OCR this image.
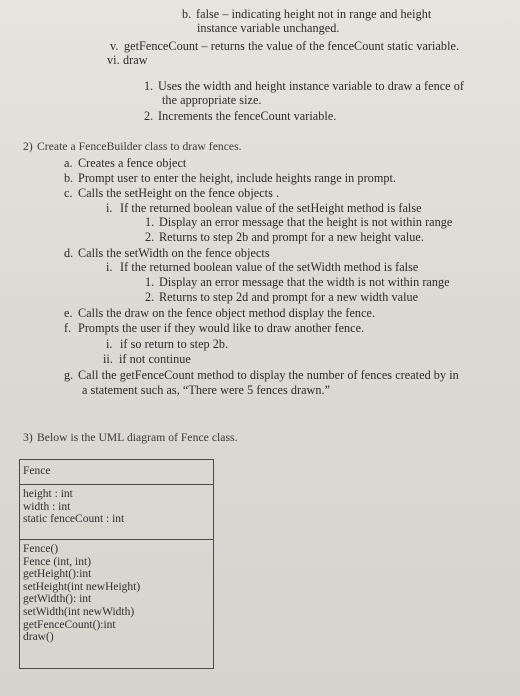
b. false – indicating height not in range and height
instance variable unchanged.
v. getFenceCount – returns the value of the fenceCount static variable.
vi. draw
1. Uses the width and height instance variable to draw a fence of
the appropriate size.
2. Increments the fenceCount variable.
2) Create a FenceBuilder class to draw fences.
a. Creates a fence object
b. Prompt user to enter the height, include heights range in prompt.
c. Calls the setHeight on the fence objects .
i. If the returned boolean value of the setHeight method is false
1. Display an error message that the height is not within range
2. Returns to step 2b and prompt for a new height value.
d. Calls the setWidth on the fence objects
i. If the returned boolean value of the setWidth method is false
1. Display an error message that the width is not within range
2. Returns to step 2d and prompt for a new width value
e. Calls the draw on the fence object method display the fence.
f. Prompts the user if they would like to draw another fence.
i. if so return to step 2b.
ii. if not continue
g. Call the getFenceCount method to display the number of fences created by in
a statement such as, “There were 5 fences drawn.”
3) Below is the UML diagram of Fence class.
Fence
height : int
width : int
static fenceCount : int
Fence()
Fence (int, int)
getHeight():int
setHeight(int newHeight)
getWidth(): int
setWidth(int newWidth)
getFenceCount():int
draw()
